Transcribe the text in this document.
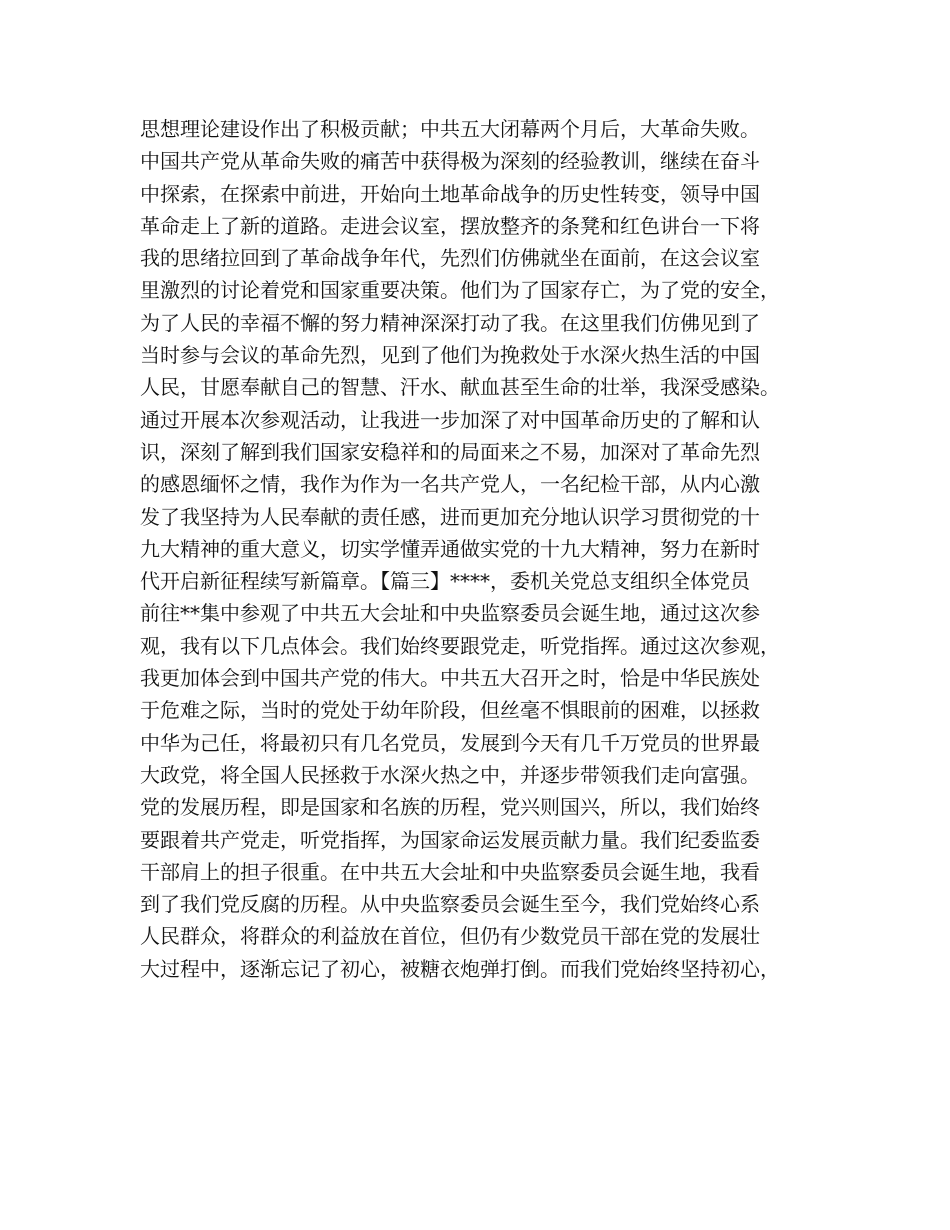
思想理论建设作出了积极贡献；中共五大闭幕两个月后，大革命失败。
中国共产党从革命失败的痛苦中获得极为深刻的经验教训，继续在奋斗
中探索，在探索中前进，开始向土地革命战争的历史性转变，领导中国
革命走上了新的道路。走进会议室，摆放整齐的条凳和红色讲台一下将
我的思绪拉回到了革命战争年代，先烈们仿佛就坐在面前，在这会议室
里激烈的讨论着党和国家重要决策。他们为了国家存亡，为了党的安全，
为了人民的幸福不懈的努力精神深深打动了我。在这里我们仿佛见到了
当时参与会议的革命先烈，见到了他们为挽救处于水深火热生活的中国
人民，甘愿奉献自己的智慧、汗水、献血甚至生命的壮举，我深受感染。
通过开展本次参观活动，让我进一步加深了对中国革命历史的了解和认
识，深刻了解到我们国家安稳祥和的局面来之不易，加深对了革命先烈
的感恩缅怀之情，我作为作为一名共产党人，一名纪检干部，从内心激
发了我坚持为人民奉献的责任感，进而更加充分地认识学习贯彻党的十
九大精神的重大意义，切实学懂弄通做实党的十九大精神，努力在新时
代开启新征程续写新篇章。【篇三】****，委机关党总支组织全体党员
前往**集中参观了中共五大会址和中央监察委员会诞生地，通过这次参
观，我有以下几点体会。我们始终要跟党走，听党指挥。通过这次参观，
我更加体会到中国共产党的伟大。中共五大召开之时，恰是中华民族处
于危难之际，当时的党处于幼年阶段，但丝毫不惧眼前的困难，以拯救
中华为己任，将最初只有几名党员，发展到今天有几千万党员的世界最
大政党，将全国人民拯救于水深火热之中，并逐步带领我们走向富强。
党的发展历程，即是国家和名族的历程，党兴则国兴，所以，我们始终
要跟着共产党走，听党指挥，为国家命运发展贡献力量。我们纪委监委
干部肩上的担子很重。在中共五大会址和中央监察委员会诞生地，我看
到了我们党反腐的历程。从中央监察委员会诞生至今，我们党始终心系
人民群众，将群众的利益放在首位，但仍有少数党员干部在党的发展壮
大过程中，逐渐忘记了初心，被糖衣炮弹打倒。而我们党始终坚持初心，
